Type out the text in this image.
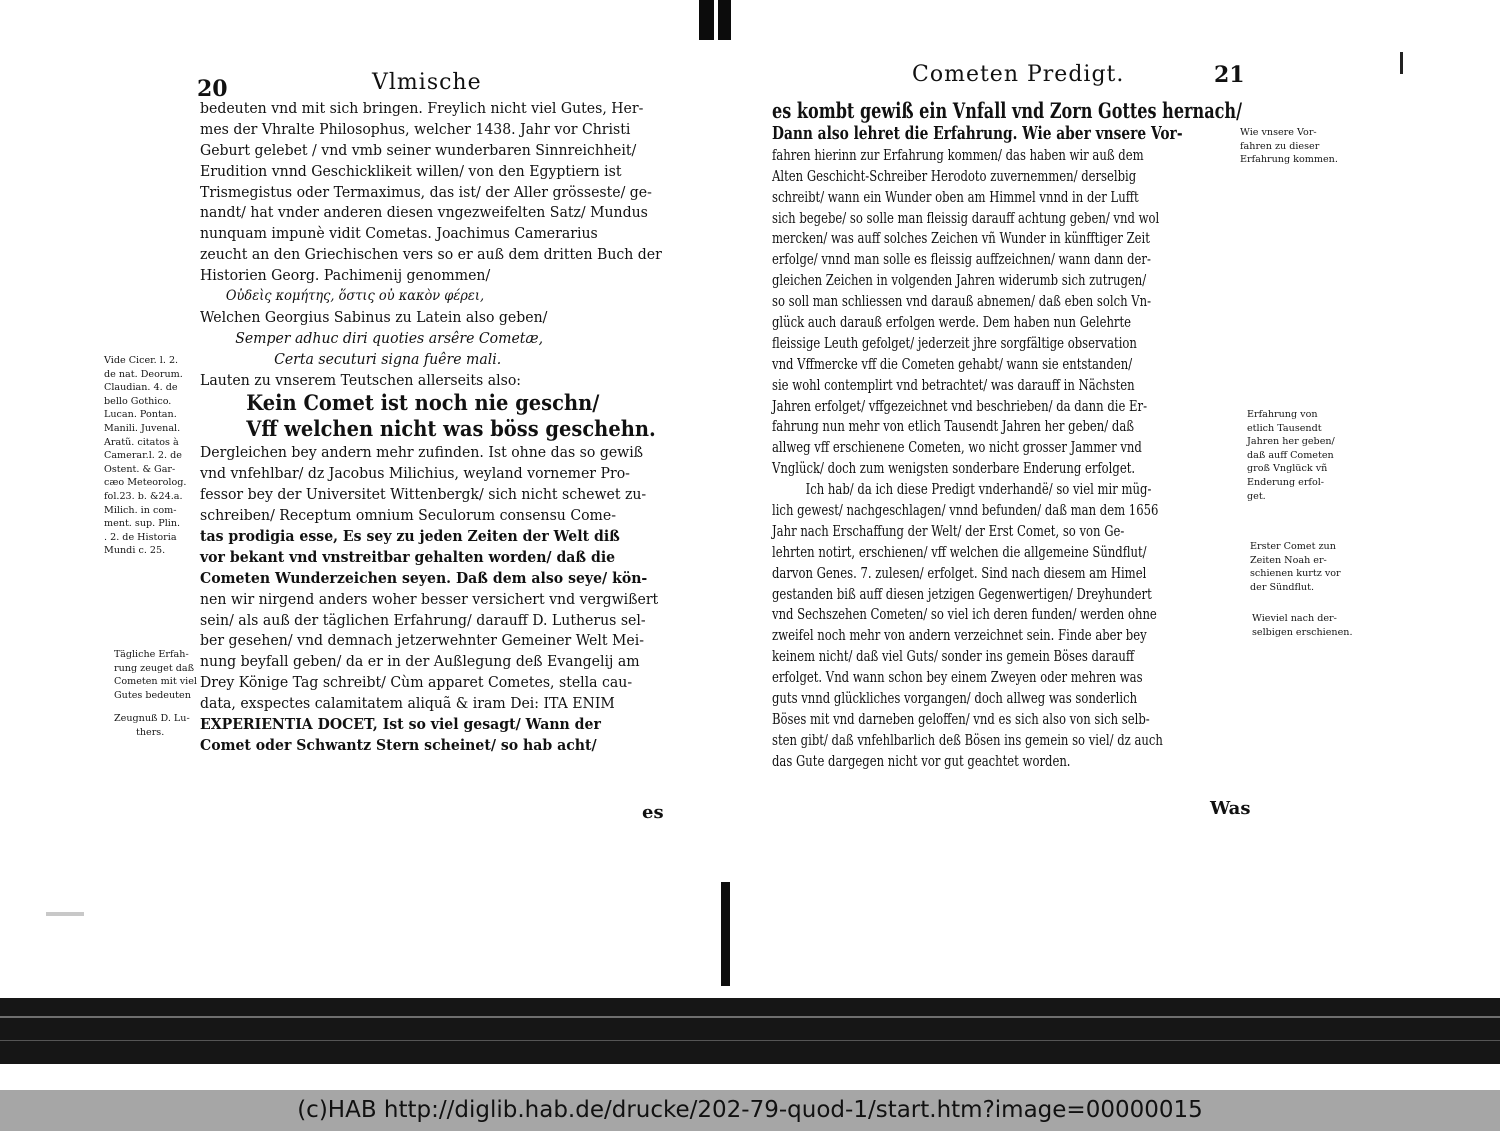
20	Vlmische
bedeuten vnd mit sich bringen. Freylich nicht viel Gutes, Her-
mes der Vhralte Philosophus, welcher 1438. Jahr vor Christi
Geburt gelebet / vnd vmb seiner wunderbaren Sinnreichheit/
Erudition vnnd Geschicklikeit willen/ von den Egyptiern ist
Trismegistus oder Termaximus, das ist/ der Aller grösseste/ ge-
nandt/ hat vnder anderen diesen vngezweifelten Satz/ Mundus
nunquam impunè vidit Cometas. Joachimus Camerarius
zeucht an den Griechischen vers so er auß dem dritten Buch der
Historien Georg. Pachimenij genommen/
Οὐδεὶς κομήτης, ὅστις οὐ κακὸν φέρει,
Welchen Georgius Sabinus zu Latein also geben/
Semper adhuc diri quoties arsêre Cometæ,
Certa secuturi signa fuêre mali.
Lauten zu vnserem Teutschen allerseits also:
Kein Comet ist noch nie geschn/
Vff welchen nicht was böss geschehn.
Dergleichen bey andern mehr zufinden. Ist ohne das so gewiß
vnd vnfehlbar/ dz Jacobus Milichius, weyland vornemer Pro-
fessor bey der Universitet Wittenbergk/ sich nicht schewet zu-
schreiben/ Receptum omnium Seculorum consensu Come-
tas prodigia esse, Es sey zu jeden Zeiten der Welt diß
vor bekant vnd vnstreitbar gehalten worden/ daß die
Cometen Wunderzeichen seyen. Daß dem also seye/ kön-
nen wir nirgend anders woher besser versichert vnd vergwißert
sein/ als auß der täglichen Erfahrung/ darauff D. Lutherus sel-
ber gesehen/ vnd demnach jetzerwehnter Gemeiner Welt Mei-
nung beyfall geben/ da er in der Außlegung deß Evangelij am
Drey Könige Tag schreibt/ Cùm apparet Cometes, stella cau-
data, exspectes calamitatem aliquã & iram Dei: ITA ENIM
EXPERIENTIA DOCET, Ist so viel gesagt/ Wann der
Comet oder Schwantz Stern scheinet/ so hab acht/
es
Vide Cicer. l. 2.
de nat. Deorum.
Claudian. 4. de
bello Gothico.
Lucan. Pontan.
Manili. Juvenal.
Aratũ. citatos à
Camerar.l. 2. de
Ostent. & Gar-
cæo Meteorolog.
fol.23. b. &24.a.
Milich. in com-
ment. sup. Plin.
. 2. de Historia
Mundi c. 25.
Tägliche Erfah-
rung zeuget daß
Cometen mit viel
Gutes bedeuten
Zeugnuß D. Lu-
thers.
Cometen Predigt.	21
es kombt gewiß ein Vnfall vnd Zorn Gottes hernach/
Dann also lehret die Erfahrung. Wie aber vnsere Vor-
fahren hierinn zur Erfahrung kommen/ das haben wir auß dem
Alten Geschicht-Schreiber Herodoto zuvernemmen/ derselbig
schreibt/ wann ein Wunder oben am Himmel vnnd in der Lufft
sich begebe/ so solle man fleissig darauff achtung geben/ vnd wol
mercken/ was auff solches Zeichen vñ Wunder in künfftiger Zeit
erfolge/ vnnd man solle es fleissig auffzeichnen/ wann dann der-
gleichen Zeichen in volgenden Jahren widerumb sich zutrugen/
so soll man schliessen vnd darauß abnemen/ daß eben solch Vn-
glück auch darauß erfolgen werde. Dem haben nun Gelehrte
fleissige Leuth gefolget/ jederzeit jhre sorgfältige observation
vnd Vffmercke vff die Cometen gehabt/ wann sie entstanden/
sie wohl contemplirt vnd betrachtet/ was darauff in Nächsten
Jahren erfolget/ vffgezeichnet vnd beschrieben/ da dann die Er-
fahrung nun mehr von etlich Tausendt Jahren her geben/ daß
allweg vff erschienene Cometen, wo nicht grosser Jammer vnd
Vnglück/ doch zum wenigsten sonderbare Enderung erfolget.
Ich hab/ da ich diese Predigt vnderhandë/ so viel mir müg-
lich gewest/ nachgeschlagen/ vnnd befunden/ daß man dem 1656
Jahr nach Erschaffung der Welt/ der Erst Comet, so von Ge-
lehrten notirt, erschienen/ vff welchen die allgemeine Sündflut/
darvon Genes. 7. zulesen/ erfolget. Sind nach diesem am Himel
gestanden biß auff diesen jetzigen Gegenwertigen/ Dreyhundert
vnd Sechszehen Cometen/ so viel ich deren funden/ werden ohne
zweifel noch mehr von andern verzeichnet sein. Finde aber bey
keinem nicht/ daß viel Guts/ sonder ins gemein Böses darauff
erfolget. Vnd wann schon bey einem Zweyen oder mehren was
guts vnnd glückliches vorgangen/ doch allweg was sonderlich
Böses mit vnd darneben geloffen/ vnd es sich also von sich selb-
sten gibt/ daß vnfehlbarlich deß Bösen ins gemein so viel/ dz auch
das Gute dargegen nicht vor gut geachtet worden.
Was
Wie vnsere Vor-
fahren zu dieser
Erfahrung kommen.
Erfahrung von
etlich Tausendt
Jahren her geben/
daß auff Cometen
groß Vnglück vñ
Enderung erfol-
get.
Erster Comet zun
Zeiten Noah er-
schienen kurtz vor
der Sündflut.
Wieviel nach der-
selbigen erschienen.
(c)HAB http://diglib.hab.de/drucke/202-79-quod-1/start.htm?image=00000015
